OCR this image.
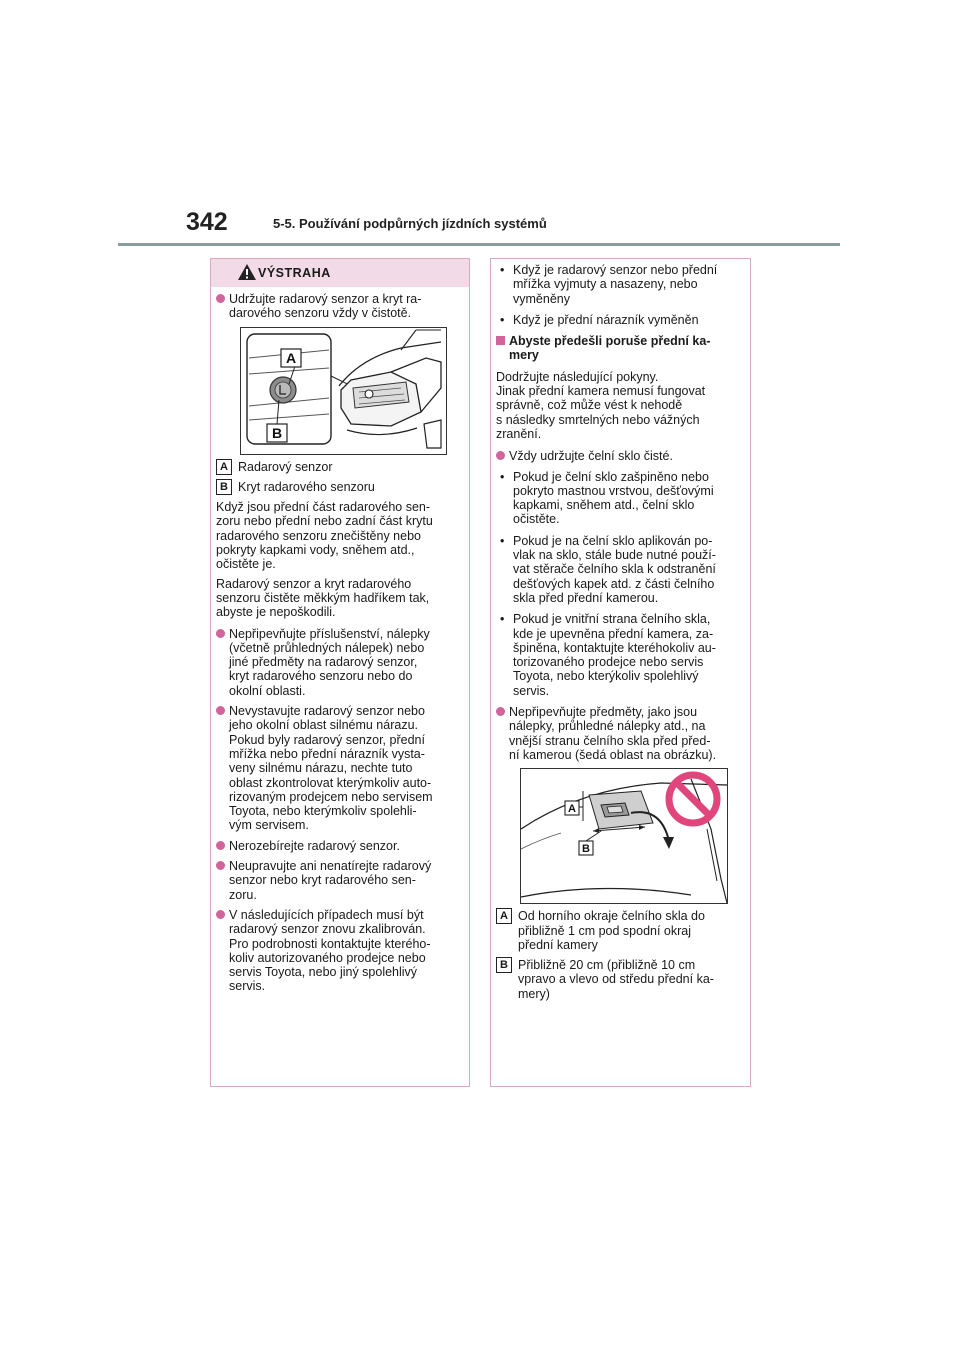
342	5-5. Používání podpůrných jízdních systémů
VÝSTRAHA
Udržujte radarový senzor a kryt ra-
darového senzoru vždy v čistotě.
A
B
A Radarový senzor
B Kryt radarového senzoru
Když jsou přední část radarového sen-
zoru nebo přední nebo zadní část krytu
radarového senzoru znečištěny nebo
pokryty kapkami vody, sněhem atd.,
očistěte je.
Radarový senzor a kryt radarového
senzoru čistěte měkkým hadříkem tak,
abyste je nepoškodili.
Nepřipevňujte příslušenství, nálepky
(včetně průhledných nálepek) nebo
jiné předměty na radarový senzor,
kryt radarového senzoru nebo do
okolní oblasti.
Nevystavujte radarový senzor nebo
jeho okolní oblast silnému nárazu.
Pokud byly radarový senzor, přední
mřížka nebo přední nárazník vysta-
veny silnému nárazu, nechte tuto
oblast zkontrolovat kterýmkoliv auto-
rizovaným prodejcem nebo servisem
Toyota, nebo kterýmkoliv spolehli-
vým servisem.
Nerozebírejte radarový senzor.
Neupravujte ani nenatírejte radarový
senzor nebo kryt radarového sen-
zoru.
V následujících případech musí být
radarový senzor znovu zkalibrován.
Pro podrobnosti kontaktujte kteréhо-
koliv autorizovaného prodejce nebo
servis Toyota, nebo jiný spolehlivý
servis.
• Když je radarový senzor nebo přední
mřížka vyjmuty a nasazeny, nebo
vyměněny
• Když je přední nárazník vyměněn
Abyste předešli poruše přední ka-
mery
Dodržujte následující pokyny.
Jinak přední kamera nemusí fungovat
správně, což může vést k nehodě
s následky smrtelných nebo vážných
zranění.
Vždy udržujte čelní sklo čisté.
• Pokud je čelní sklo zašpiněno nebo
pokryto mastnou vrstvou, dešťovými
kapkami, sněhem atd., čelní sklo
očistěte.
• Pokud je na čelní sklo aplikován po-
vlak na sklo, stále bude nutné použí-
vat stěrače čelního skla k odstranění
dešťových kapek atd. z části čelního
skla před přední kamerou.
• Pokud je vnitřní strana čelního skla,
kde je upevněna přední kamera, za-
špiněna, kontaktujte kteréhokoliv au-
torizovaného prodejce nebo servis
Toyota, nebo kterýkoliv spolehlivý
servis.
Nepřipevňujte předměty, jako jsou
nálepky, průhledné nálepky atd., na
vnější stranu čelního skla před před-
ní kamerou (šedá oblast na obrázku).
A
B
A Od horního okraje čelního skla do
přibližně 1 cm pod spodní okraj
přední kamery
B Přibližně 20 cm (přibližně 10 cm
vpravo a vlevo od středu přední ka-
mery)
